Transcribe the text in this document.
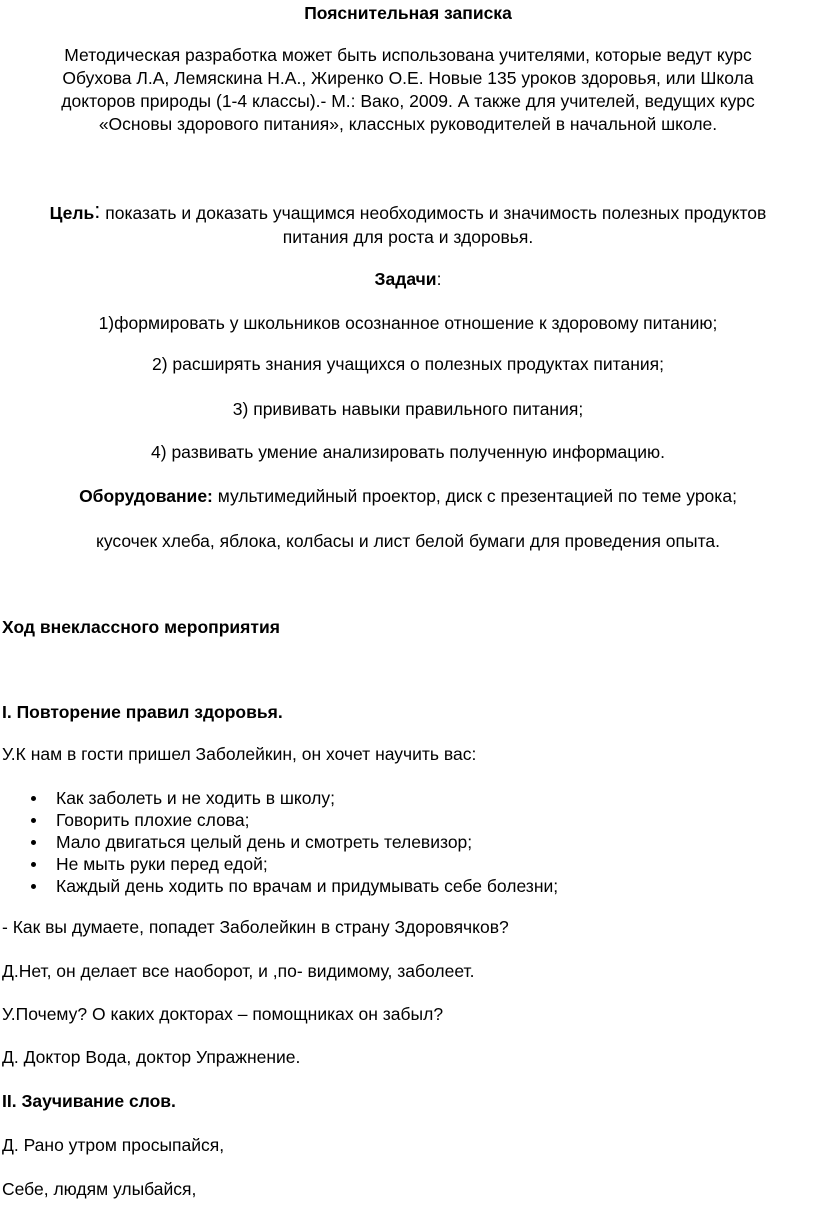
Пояснительная записка
Методическая разработка может быть использована учителями, которые ведут курс
Обухова Л.А, Лемяскина Н.А., Жиренко О.Е. Новые 135 уроков здоровья, или Школа
докторов природы (1-4 классы).- М.: Вако, 2009. А также для учителей, ведущих курс
«Основы здорового питания», классных руководителей в начальной школе.
Цель: показать и доказать учащимся необходимость и значимость полезных продуктов
питания для роста и здоровья.
Задачи:
1)формировать у школьников осознанное отношение к здоровому питанию;
2) расширять знания учащихся о полезных продуктах питания;
3) прививать навыки правильного питания;
4) развивать умение анализировать полученную информацию.
Оборудование: мультимедийный проектор, диск с презентацией по теме урока;
кусочек хлеба, яблока, колбасы и лист белой бумаги для проведения опыта.
Ход внеклассного мероприятия
I. Повторение правил здоровья.
У.К нам в гости пришел Заболейкин, он хочет научить вас:
Как заболеть и не ходить в школу;
Говорить плохие слова;
Мало двигаться целый день и смотреть телевизор;
Не мыть руки перед едой;
Каждый день ходить по врачам и придумывать себе болезни;
- Как вы думаете, попадет Заболейкин в страну Здоровячков?
Д.Нет, он делает все наоборот, и ,по- видимому, заболеет.
У.Почему? О каких докторах – помощниках он забыл?
Д. Доктор Вода, доктор Упражнение.
II. Заучивание слов.
Д. Рано утром просыпайся,
Себе, людям улыбайся,
